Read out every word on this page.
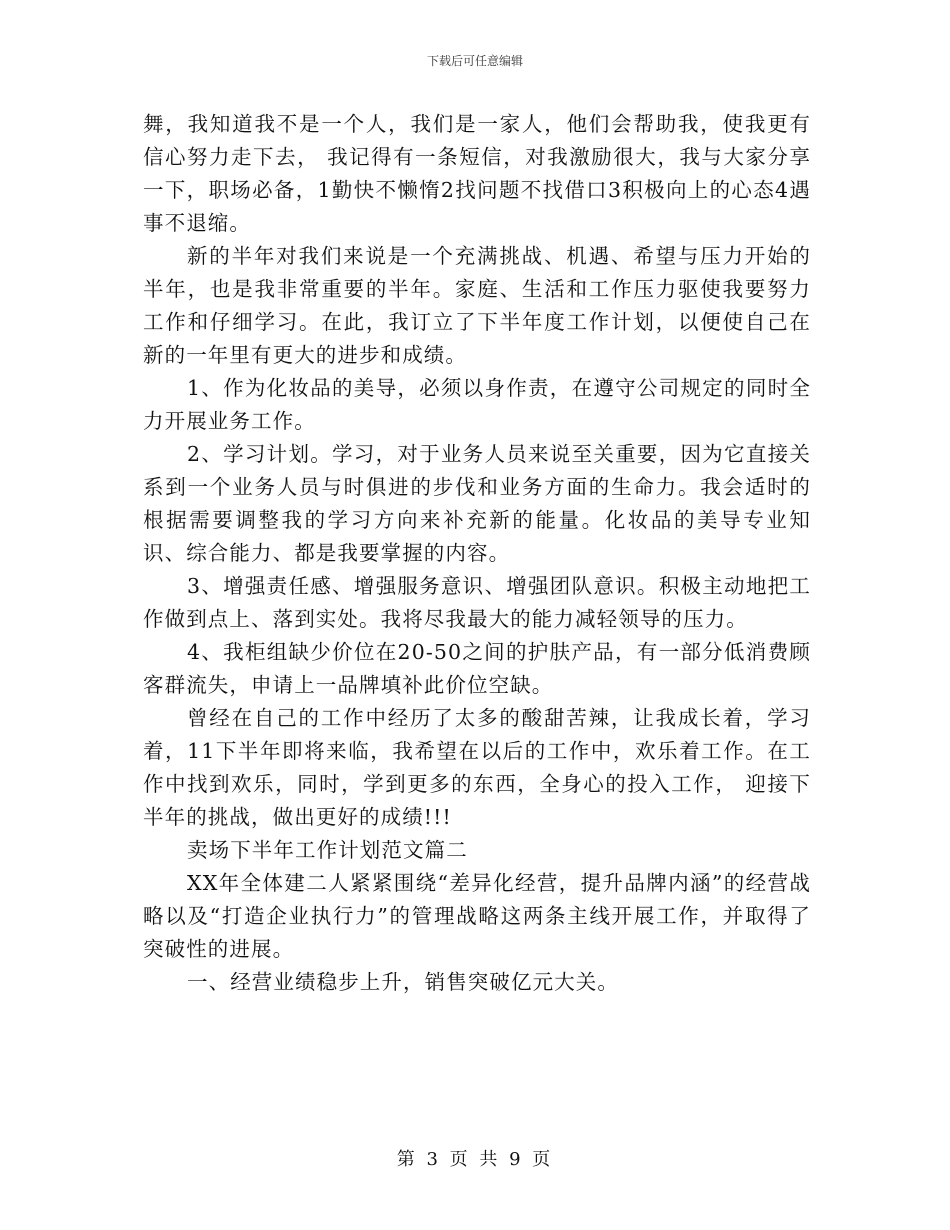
下载后可任意编辑

舞，我知道我不是一个人，我们是一家人，他们会帮助我，使我更有信心努力走下去， 我记得有一条短信，对我激励很大，我与大家分享一下，职场必备，1勤快不懒惰2找问题不找借口3积极向上的心态4遇事不退缩。

新的半年对我们来说是一个充满挑战、机遇、希望与压力开始的半年，也是我非常重要的半年。家庭、生活和工作压力驱使我要努力工作和仔细学习。在此，我订立了下半年度工作计划，以便使自己在新的一年里有更大的进步和成绩。

1、作为化妆品的美导，必须以身作责，在遵守公司规定的同时全力开展业务工作。

2、学习计划。学习，对于业务人员来说至关重要，因为它直接关系到一个业务人员与时俱进的步伐和业务方面的生命力。我会适时的根据需要调整我的学习方向来补充新的能量。化妆品的美导专业知识、综合能力、都是我要掌握的内容。

3、增强责任感、增强服务意识、增强团队意识。积极主动地把工作做到点上、落到实处。我将尽我最大的能力减轻领导的压力。

4、我柜组缺少价位在20-50之间的护肤产品，有一部分低消费顾客群流失，申请上一品牌填补此价位空缺。

曾经在自己的工作中经历了太多的酸甜苦辣，让我成长着，学习着，11下半年即将来临，我希望在以后的工作中，欢乐着工作。在工作中找到欢乐，同时，学到更多的东西，全身心的投入工作， 迎接下半年的挑战，做出更好的成绩!!!

卖场下半年工作计划范文篇二

XX年全体建二人紧紧围绕“差异化经营，提升品牌内涵”的经营战略以及“打造企业执行力”的管理战略这两条主线开展工作，并取得了突破性的进展。

一、经营业绩稳步上升，销售突破亿元大关。

第 3 页 共 9 页
